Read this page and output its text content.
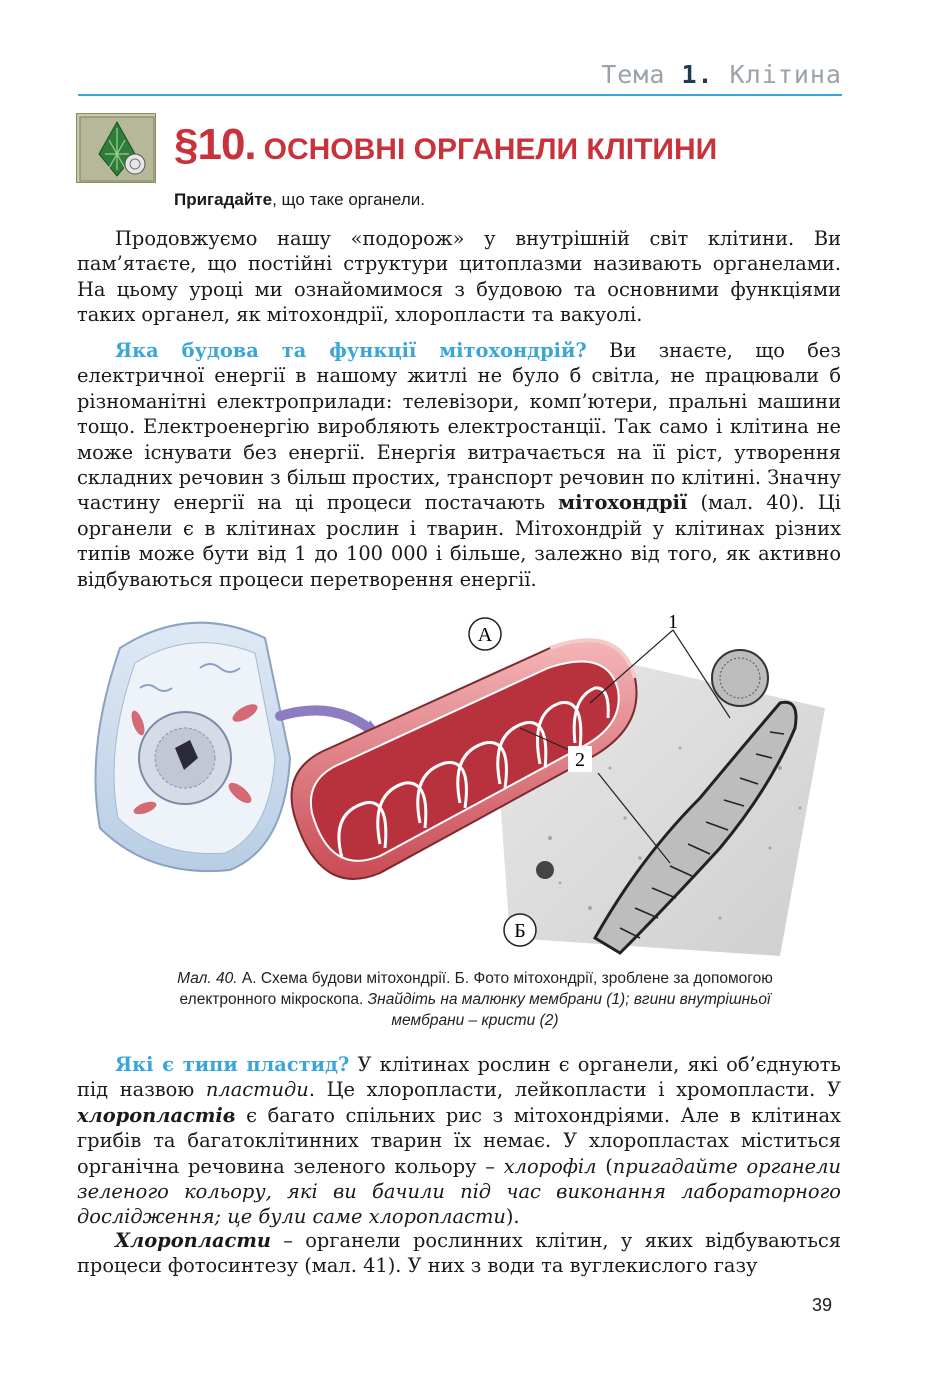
Тема 1. Клітина
§10. ОСНОВНІ ОРГАНЕЛИ КЛІТИНИ
Пригадайте, що таке органели.

Продовжуємо нашу «подорож» у внутрішній світ клітини. Ви пам’ятаєте, що постійні структури цитоплазми називають органелами. На цьому уроці ми ознайомимося з будовою та основними функціями таких органел, як мітохондрії, хлоропласти та вакуолі.

Яка будова та функції мітохондрій? Ви знаєте, що без електричної енергії в нашому житлі не було б світла, не працювали б різноманітні електроприлади: телевізори, комп’ютери, пральні машини тощо. Електроенергію виробляють електростанції. Так само і клітина не може існувати без енергії. Енергія витрачається на її ріст, утворення складних речовин з більш простих, транспорт речовин по клітині. Значну частину енергії на ці процеси постачають мітохондрії (мал. 40). Ці органели є в клітинах рослин і тварин. Мітохондрій у клітинах різних типів може бути від 1 до 100 000 і більше, залежно від того, як активно відбуваються процеси перетворення енергії.

А
Б
1
2
Мал. 40. А. Схема будови мітохондрії. Б. Фото мітохондрії, зроблене за допомогою електронного мікроскопа. Знайдіть на малюнку мембрани (1); вгини внутрішньої мембрани – кристи (2)

Які є типи пластид? У клітинах рослин є органели, які об’єднують під назвою пластиди. Це хлоропласти, лейкопласти і хромопласти. У хлоропластів є багато спільних рис з мітохондріями. Але в клітинах грибів та багатоклітинних тварин їх немає. У хлоропластах міститься органічна речовина зеленого кольору – хлорофіл (пригадайте органели зеленого кольору, які ви бачили під час виконання лабораторного дослідження; це були саме хлоропласти).

Хлоропласти – органели рослинних клітин, у яких відбуваються процеси фотосинтезу (мал. 41). У них з води та вуглекислого газу

39
